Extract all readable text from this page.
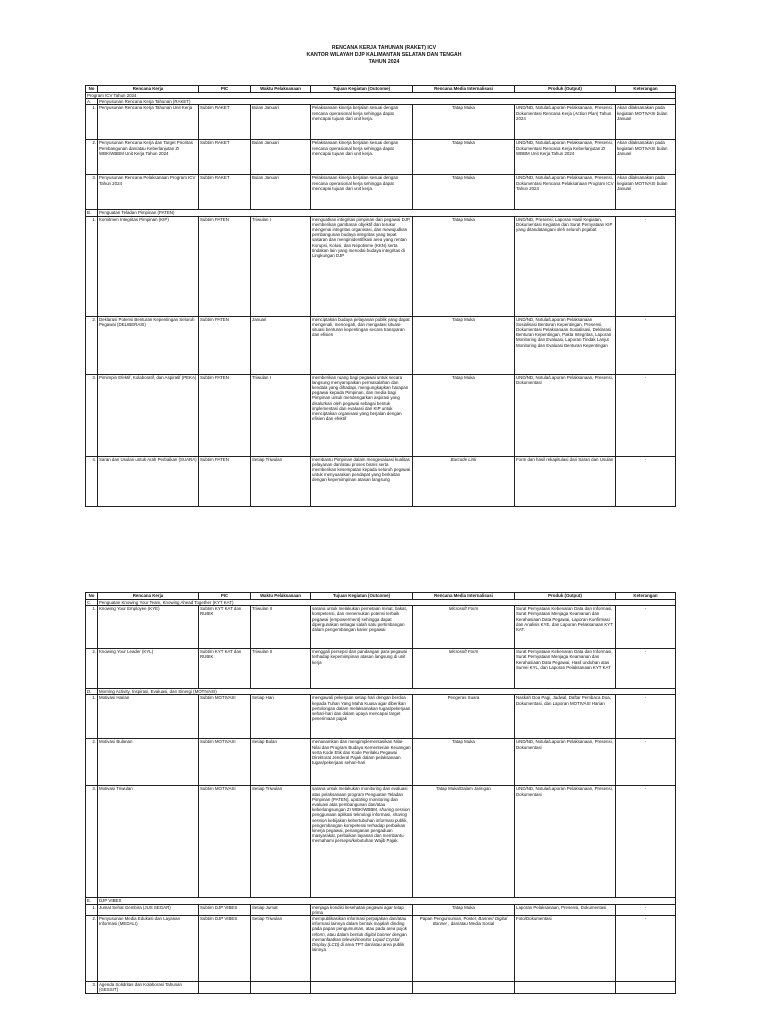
RENCANA KERJA TAHUNAN (RAKET) ICV
KANTOR WILAYAH DJP KALIMANTAN SELATAN DAN TENGAH
TAHUN 2024
No	Rencana Kerja	PIC	Waktu Pelaksanaan	Tujuan Kegiatan (Outcome)	Rencana Media Internalisasi	Produk (Output)	Keterangan
Program ICV Tahun 2024							
A.	Penyusunan Rencana Kerja Tahunan (RAKET)						
1.	Penyusunan Rencana Kerja Tahunan Unit Kerja	Subtim RAKET	Bulan Januari	Pelaksanaan kinerja berjalan sesuai dengan rencana operasional kerja sehingga dapat mencapai tujuan dari unit kerja.	Tatap Muka	UND/ND, Notula/Laporan Pelaksanaan, Presensi, Dokumentasi Rencana Kerja (Action Plan) Tahun 2024	Akan dilaksanakan pada kegiatan MOTIVASI bulan Januari
2.	Penyusunan Rencana Kerja dan Target Prioritas Pembangunan dan/atau Keberlanjutan ZI WBK/WBBM Unit Kerja Tahun 2024	Subtim RAKET	Bulan Januari	Pelaksanaan kinerja berjalan sesuai dengan rencana operasional kerja sehingga dapat mencapai tujuan dari unit kerja.	Tatap Muka	UND/ND, Notula/Laporan Pelaksanaan, Presensi, Dokumentasi Rencana Kerja Keberlanjutan ZI WBBM Unit Kerja Tahun 2024	Akan dilaksanakan pada kegiatan MOTIVASI bulan Januari
3.	Penyusunan Rencana Pelaksanaan Program ICV Tahun 2024	Subtim RAKET	Bulan Januari	Pelaksanaan kinerja berjalan sesuai dengan rencana operasional kerja sehingga dapat mencapai tujuan dari unit kerja.	Tatap Muka	UND/ND, Notula/Laporan Pelaksanaan, Presensi, Dokumentasi Rencana Pelaksanaan Program ICV Tahun 2024	Akan dilaksanakan pada kegiatan MOTIVASI bulan Januari
B.	Penguatan Teladan Pimpinan (PATEN)						
1.	Komitmen Integritas Pimpinan (KIP)	Subtim PATEN	Triwulan I	menguatkan integritas pimpinan dan pegawai DJP, memberikan gambaran objektif dan terukur mengenai integritas organisasi, dan mewujudkan pembangunan budaya integritas yang tepat sasaran dan menginidentifikasi area yang rentan Korupsi, Kolusi, dan Nepotisme (KKN) serta tindakan lain yang menodai budaya integritas di Lingkungan DJP	Tatap Muka	UND/ND, Presensi, Laporan Hasil Kegiatan, Dokumentasi Kegiatan dan Surat Pernyataan KIP yang ditandatangani oleh seluruh pejabat	-
2.	Deklarasi Potensi Benturan Kepentingan Seluruh Pegawai (DELIBERASI)	Subtim PATEN	Januari	menciptakan budaya pelayanan publik yang dapat mengenali, mencegah, dan mengatasi situasi-situasi benturan kepentingan secara transparan dan efisien	Tatap Muka	UND/ND, Notula/Laporan Pelaksanaan Sosialisasi Benturan Kepentingan, Presensi, Dokumentasi Pelaksanaan Sosialisasi, Deklarasi Benturan Kepentingan, Pakta Integritas, Laporan Monitoring dan Evaluasi, Laporan Tindak Lanjut Monitoring dan Evaluasi Benturan Kepentingan	-
3.	Pimimpin Efektif, Kolaboratif, dan Aspiratif (PEKA)	Subtim PATEN	Triwulan I	memberikan ruang bagi pegawai untuk secara langsung menyampaikan permasalahan dan kendala yang dihadapi, mengungkapkan harapan pegawai kepada Pimpinan, dan media bagi Pimpinan untuk mendengarkan aspirasi yang disalurkan oleh pegawai sebagai bentuk implementasi dan evaluasi dari KIP untuk menciptakan organisasi yang berjalan dengan efisien dan efektif	Tatap Muka	UND/ND, Notula/Laporan Pelaksanaan, Presensi, Dokumentasi	-
4.	Saran dan Usulan untuk Arah Perbaikan (SUARA)	Subtim PATEN	Setiap Triwulan	membantu Pimpinan dalam mengevaluasi kualitas pelayanan dan/atau proses bisnis serta memberikan kesempatan kepada seluruh pegawai untuk menyuarakan pendapat yang berkaitan dengan kepemimpinan atasan langsung	Barcode Link	Form dan hasil rekapitulasi dari Saran dan Usulan	-
No	Rencana Kerja	PIC	Waktu Pelaksanaan	Tujuan Kegiatan (Outcome)	Rencana Media Internalisasi	Produk (Output)	Keterangan
C.	Penguatan Knowing Your Team, Knowing Ahead Together (KYT KAT)						
1.	Knowing Your Employee (KYE)	Subtim KYT KAT dan RUBIK	Triwulan II	sarana untuk melakukan pemetaan minat, bakat, kompetensi, dan menemukan potensi terbaik pegawai (empowerment) sehingga dapat dipergunakan sebagai salah satu pertimbangan dalam pengembangan karier pegawai	Microsoft Form	Surat Pernyataan Kebenaran Data dan Informasi, Surat Pernyataan Menjaga Keamanan dan Kerahasiaan Data Pegawai, Laporan Konfirmasi dan Analisis KYE, dan Laporan Pelaksanaan KYT KAT.	-
2.	Knowing Your Leader (KYL)	Subtim KYT KAT dan RUBIK	Triwulan II	menggali persepsi dan pandangan para pegawai terhadap kepemimpinan atasan langsung di unit kerja	Microsoft Form	Surat Pernyataan Kebenaran Data dan Informasi, Surat Pernyataan Menjaga Keamanan dan Kerahasiaan Data Pegawai, Hasil unduhan atas Survei KYL, dan Laporan Pelaksanaan KYT KAT	-
D.	Morning Activity, Inspirasi, Evaluasi, dan Sinergi (MOTIVASI)						
1.	Motivasi Harian	Subtim MOTIVASI	Setiap Hari	mengawali pekerjaan setiap hari dengan berdoa kepada Tuhan Yang Maha Kuasa agar diberikan pertolongan dalam melaksanakan tugas/pekerjaan sehari-hari dan dalam upaya mencapai target penerimaan pajak	Pengeras Suara	Naskah Doa Pagi, Jadwal, Daftar Pembaca Doa, Dokumentasi, dan Laporan MOTIVASI Harian	-
2.	Motivasi Bulanan	Subtim MOTIVASI	Setiap Bulan	menanamkan dan mengimplementasikan Nilai-Nilai dan Program Budaya Kementerian Keuangan serta Kode Etik dan Kode Perilaku Pegawai Direktorat Jenderal Pajak dalam pelaksanaan tugas/pekerjaan sehari-hari	Tatap Muka	UND/ND, Notula/Laporan Pelaksanaan, Presensi, Dokumentasi	-
3.	Motivasi Triwulan	Subtim MOTIVASI	Setiap Triwulan	sarana untuk melakukan monitoring dan evaluasi atas pelaksanaan program Penguatan Teladan Pimpinan (PATEN), updating monitoring dan evaluasi atas pembangunan dan/atau keberlangsungan ZI WBK/WBBM, sharing session penggunaan aplikasi teknologi informasi, sharing session kebijakan kebertubuhan informasi publik, pengembangan kompetensi terhadap perbaikan kinerja pegawai, penanganan pengaduan masyarakat, perbaikan layanan dan membantu memahami persepsi/kebutuhan Wajib Pajak.	Tatap Muka/Dalam Jaringan	UND/ND, Notula/Laporan Pelaksanaan, Presensi, Dokumentasi	-
E.	DJP VIBES						
1.	Jumat Sehat Gembira (JUS SEGAR)	Subtim DJP VIBES	Setiap Jumat	menjaga kondisi kesehatan pegawai agar tetap prima	Tatap Muka	Laporan Pelaksanaan, Presensi, Dokumentasi	-
2.	Penyusunan Media Edukasi dan Layanan Informasi (MEDALI)	Subtim DJP VIBES	Setiap Triwulan	mempublikasikan informasi perpajakan dan/atau informasi lainnya dalam bentuk majalah dinding pada papan pengumuman, atau pada area pojok reform, atau dalam bentuk digital banner dengan memanfaatkan televisi/monitor Liquid Crystal Display (LCD) di area TPT dan/atau area publik lainnya	Papan Pengumuman, Poster, Banner/ Digital Banner , dan/atau Media Sosial	Foto/Dokumentasi	-
3.	Agenda Solidritas dan Kolaborasi Tahunan (GESSIT)						
